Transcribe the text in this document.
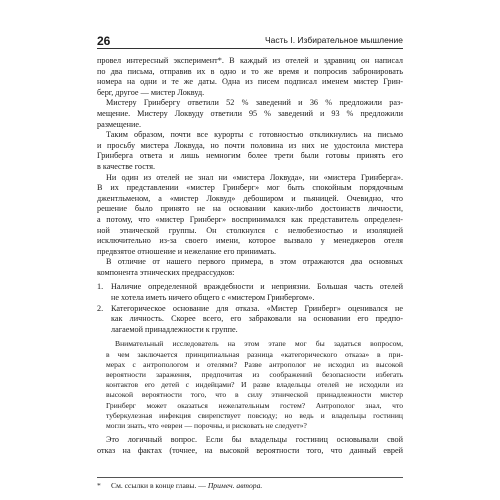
26	Часть I. Избирательное мышление
провел интересный эксперимент*. В каждый из отелей и здравниц он написал
по два письма, отправив их в одно и то же время и попросив забронировать
номера на одни и те же даты. Одна из писем подписал именем мистер Грин-
берг, другое — мистер Локвуд.
Мистеру Гринбергу ответили 52 % заведений и 36 % предложили раз-
мещение. Мистеру Локвуду ответили 95 % заведений и 93 % предложили
размещение.
Таким образом, почти все курорты с готовностью откликнулись на письмо
и просьбу мистера Локвуда, но почти половина из них не удостоила мистера
Гринберга ответа и лишь немногим более трети были готовы принять его
в качестве гостя.
Ни один из отелей не знал ни «мистера Локвуда», ни «мистера Гринберга».
В их представлении «мистер Гринберг» мог быть спокойным порядочным
джентльменом, а «мистер Локвуд» дебоширом и пьяницей. Очевидно, что
решение было принято не на основании каких-либо достоинств личности,
а потому, что «мистер Гринберг» воспринимался как представитель определен-
ной этнической группы. Он столкнулся с нелюбезностью и изоляцией
исключительно из-за своего имени, которое вызвало у менеджеров отеля
предвзятое отношение и нежелание его принимать.
В отличие от нашего первого примера, в этом отражаются два основных
компонента этнических предрассудков:
1. Наличие определенной враждебности и неприязни. Большая часть отелей
не хотела иметь ничего общего с «мистером Гринбергом».
2. Категорическое основание для отказа. «Мистер Гринберг» оценивался не
как личность. Скорее всего, его забраковали на основании его предпо-
лагаемой принадлежности к группе.
Внимательный исследователь на этом этапе мог бы задаться вопросом,
в чем заключается принципиальная разница «категорического отказа» в при-
мерах с антропологом и отелями? Разве антрополог не исходил из высокой
вероятности заражения, предпочитая из соображений безопасности избегать
контактов его детей с индейцами? И разве владельцы отелей не исходили из
высокой вероятности того, что в силу этнической принадлежности мистер
Гринберг может оказаться нежелательным гостем? Антрополог знал, что
туберкулезная инфекция свирепствует повсюду; но ведь и владельцы гостиниц
могли знать, что «евреи — порочны, и рисковать не следует»?
Это логичный вопрос. Если бы владельцы гостиниц основывали свой
отказ на фактах (точнее, на высокой вероятности того, что данный еврей
* См. ссылки в конце главы. — Примеч. автора.
